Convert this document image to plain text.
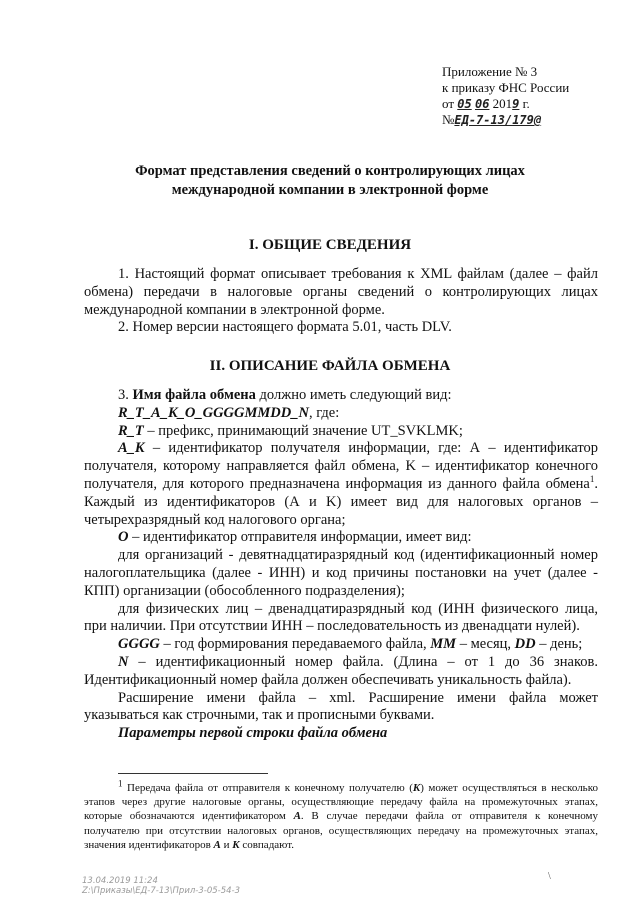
Приложение № 3
к приказу ФНС России
от 05 06 2019 г.
№ЕД-7-13/179@
Формат представления сведений о контролирующих лицах
международной компании в электронной форме
I. ОБЩИЕ СВЕДЕНИЯ

1. Настоящий формат описывает требования к XML файлам (далее – файл обмена) передачи в налоговые органы сведений о контролирующих лицах международной компании в электронной форме.

2. Номер версии настоящего формата 5.01, часть DLV.

II. ОПИСАНИЕ ФАЙЛА ОБМЕНА

3. Имя файла обмена должно иметь следующий вид:

R_T_A_K_O_GGGGMMDD_N, где:

R_T – префикс, принимающий значение UT_SVKLMK;

A_K – идентификатор получателя информации, где: А – идентификатор получателя, которому направляется файл обмена, K – идентификатор конечного получателя, для которого предназначена информация из данного файла обмена$^1$. Каждый из идентификаторов (А и K) имеет вид для налоговых органов – четырехразрядный код налогового органа;

O – идентификатор отправителя информации, имеет вид:

для организаций - девятнадцатиразрядный код (идентификационный номер налогоплательщика (далее - ИНН) и код причины постановки на учет (далее - КПП) организации (обособленного подразделения);

для физических лиц – двенадцатиразрядный код (ИНН физического лица, при наличии. При отсутствии ИНН – последовательность из двенадцати нулей).

GGGG – год формирования передаваемого файла, MM – месяц, DD – день;

N – идентификационный номер файла. (Длина – от 1 до 36 знаков. Идентификационный номер файла должен обеспечивать уникальность файла).

Расширение имени файла – xml. Расширение имени файла может указываться как строчными, так и прописными буквами.

Параметры первой строки файла обмена

$^1$ Передача файла от отправителя к конечному получателю (K) может осуществляться в несколько этапов через другие налоговые органы, осуществляющие передачу файла на промежуточных этапах, которые обозначаются идентификатором А. В случае передачи файла от отправителя к конечному получателю при отсутствии налоговых органов, осуществляющих передачу на промежуточных этапах, значения идентификаторов А и K совпадают.
13.04.2019 11:24
Z:\Приказы\ЕД-7-13\Прил-3-05-54-3
\
